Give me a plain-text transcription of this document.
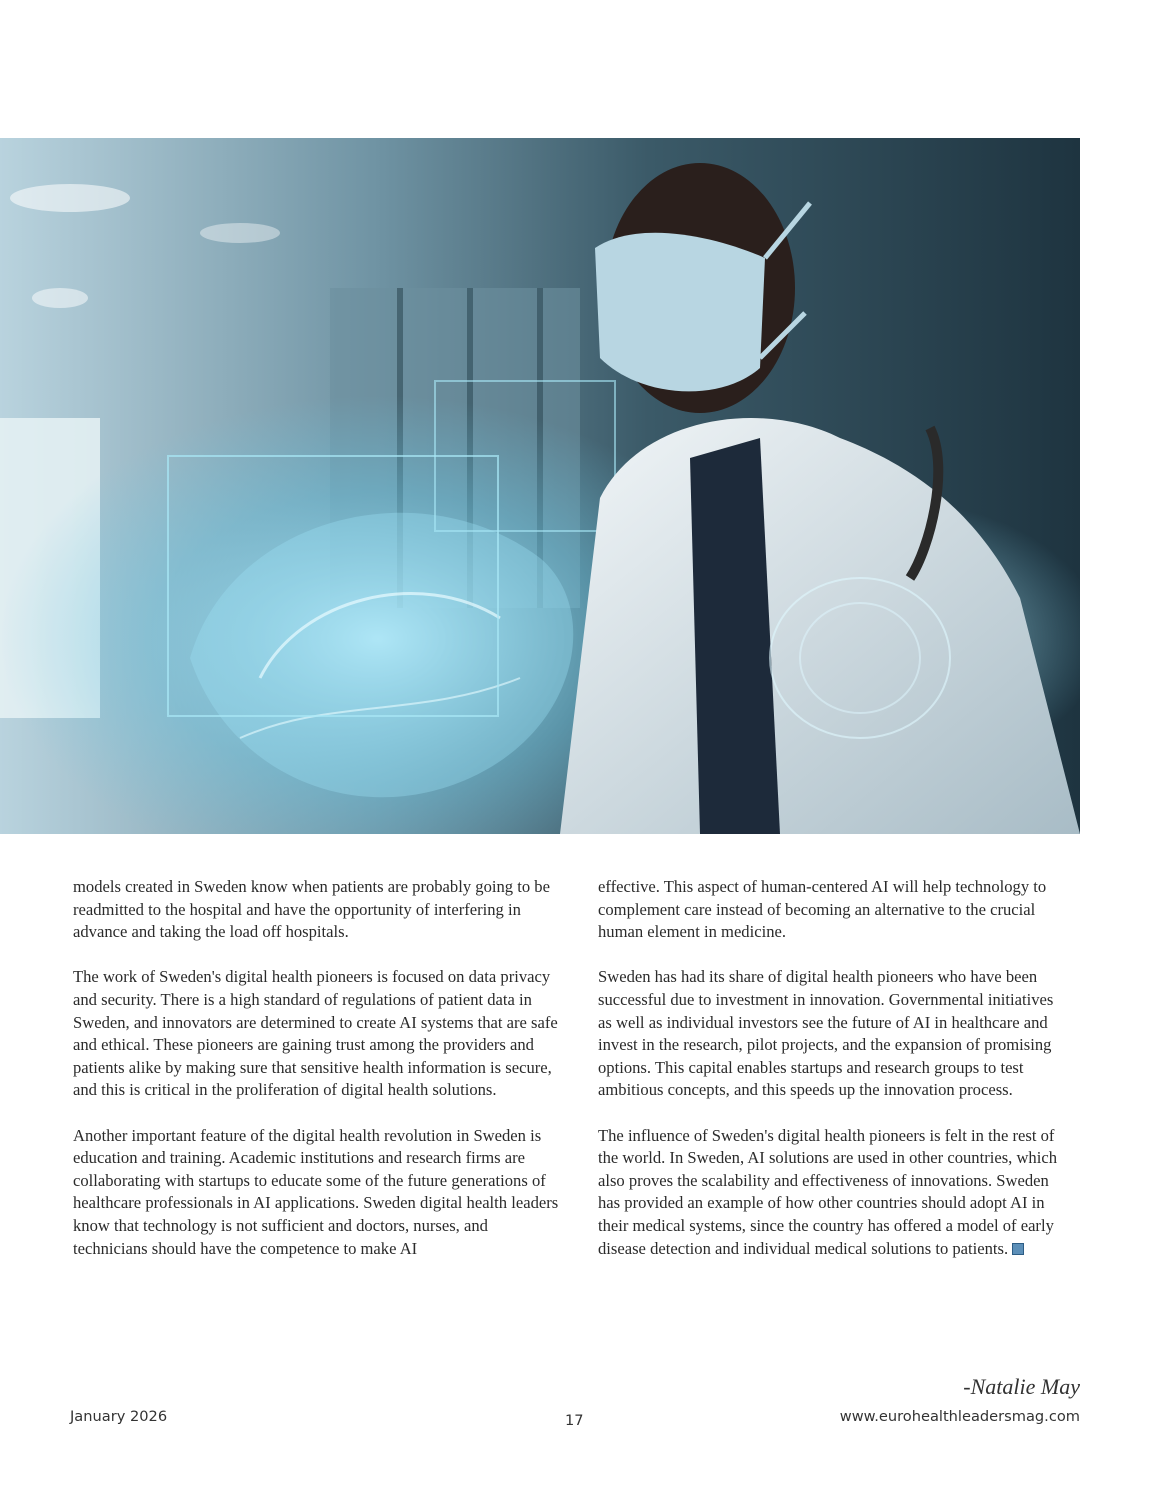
models created in Sweden know when patients are probably going to be readmitted to the hospital and have the opportunity of interfering in advance and taking the load off hospitals.

The work of Sweden's digital health pioneers is focused on data privacy and security. There is a high standard of regulations of patient data in Sweden, and innovators are determined to create AI systems that are safe and ethical. These pioneers are gaining trust among the providers and patients alike by making sure that sensitive health information is secure, and this is critical in the proliferation of digital health solutions.

Another important feature of the digital health revolution in Sweden is education and training. Academic institutions and research firms are collaborating with startups to educate some of the future generations of healthcare professionals in AI applications. Sweden digital health leaders know that technology is not sufficient and doctors, nurses, and technicians should have the competence to make AI

effective. This aspect of human-centered AI will help technology to complement care instead of becoming an alternative to the crucial human element in medicine.

Sweden has had its share of digital health pioneers who have been successful due to investment in innovation. Governmental initiatives as well as individual investors see the future of AI in healthcare and invest in the research, pilot projects, and the expansion of promising options. This capital enables startups and research groups to test ambitious concepts, and this speeds up the innovation process.

The influence of Sweden's digital health pioneers is felt in the rest of the world. In Sweden, AI solutions are used in other countries, which also proves the scalability and effectiveness of innovations. Sweden has provided an example of how other countries should adopt AI in their medical systems, since the country has offered a model of early disease detection and individual medical solutions to patients.

-Natalie May
January 2026	17	www.eurohealthleadersmag.com
